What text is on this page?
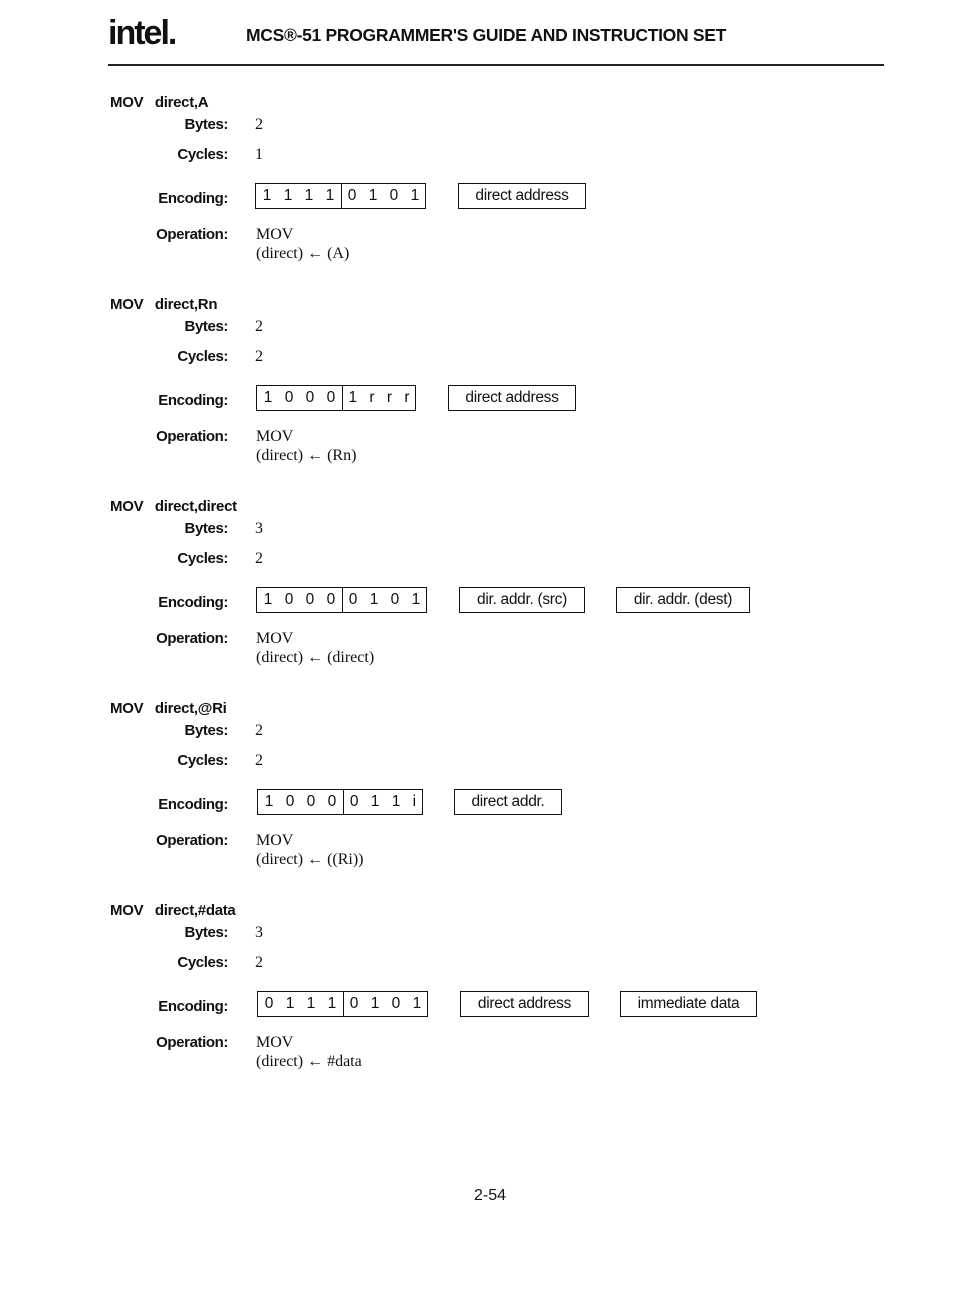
intel.	MCS®-51 PROGRAMMER'S GUIDE AND INSTRUCTION SET
MOV   direct,A
Bytes: 2
Cycles: 1
Encoding:	1 1 1 1 0 1 0 1	direct address
Operation: MOV
(direct) ← (A)
MOV   direct,Rn
Bytes: 2
Cycles: 2
Encoding:	1 0 0 0 1 r r r	direct address
Operation: MOV
(direct) ← (Rn)
MOV   direct,direct
Bytes: 3
Cycles: 2
Encoding:	1 0 0 0 0 1 0 1	dir. addr. (src)	dir. addr. (dest)
Operation: MOV
(direct) ← (direct)
MOV   direct,@Ri
Bytes: 2
Cycles: 2
Encoding:	1 0 0 0 0 1 1 i	direct addr.
Operation: MOV
(direct) ← ((Ri))
MOV   direct,#data
Bytes: 3
Cycles: 2
Encoding:	0 1 1 1 0 1 0 1	direct address	immediate data
Operation: MOV
(direct) ← #data
2-54
